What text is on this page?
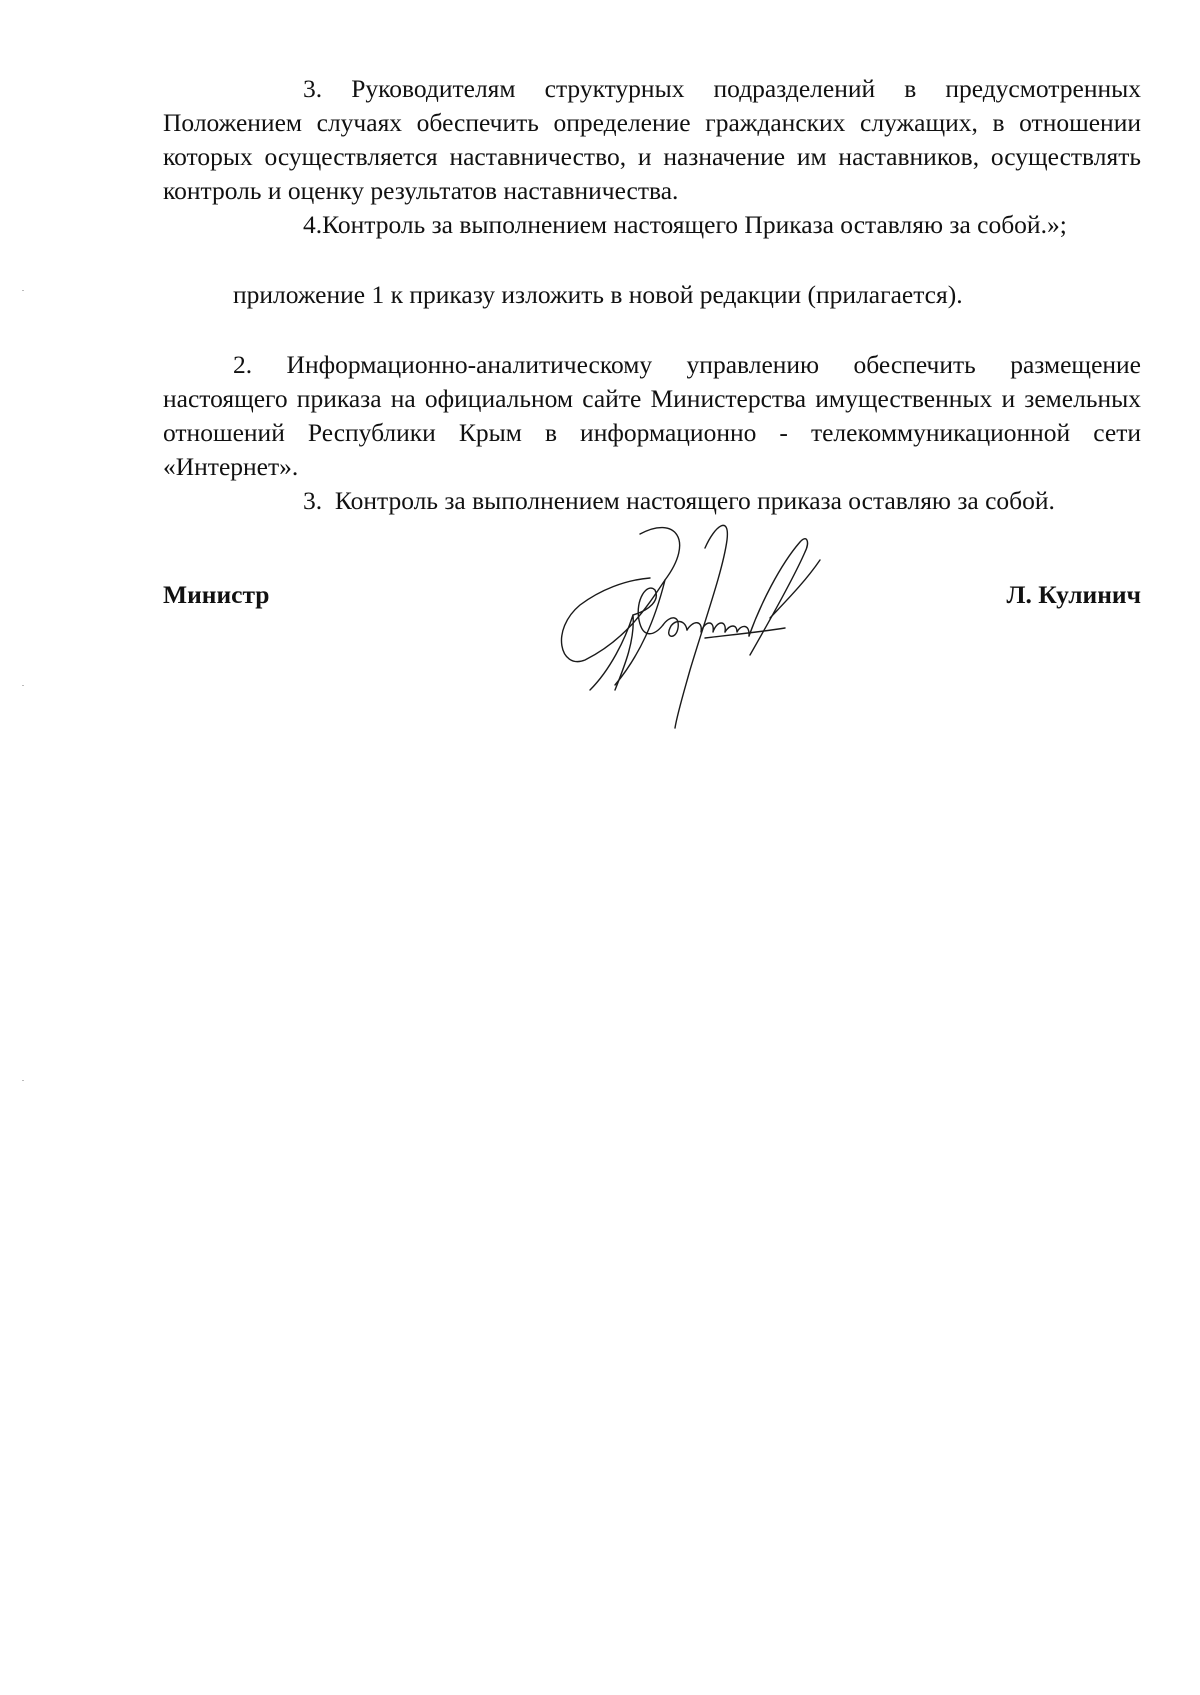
3. Руководителям структурных подразделений в предусмотренных Положением случаях обеспечить определение гражданских служащих, в отношении которых осуществляется наставничество, и назначение им наставников, осуществлять контроль и оценку результатов наставничества.

4.Контроль за выполнением настоящего Приказа оставляю за собой.»;

приложение 1 к приказу изложить в новой редакции (прилагается).

2. Информационно-аналитическому управлению обеспечить размещение настоящего приказа на официальном сайте Министерства имущественных и земельных отношений Республики Крым в информационно - телекоммуникационной сети «Интернет».

3. Контроль за выполнением настоящего приказа оставляю за собой.

Министр	Л. Кулинич
